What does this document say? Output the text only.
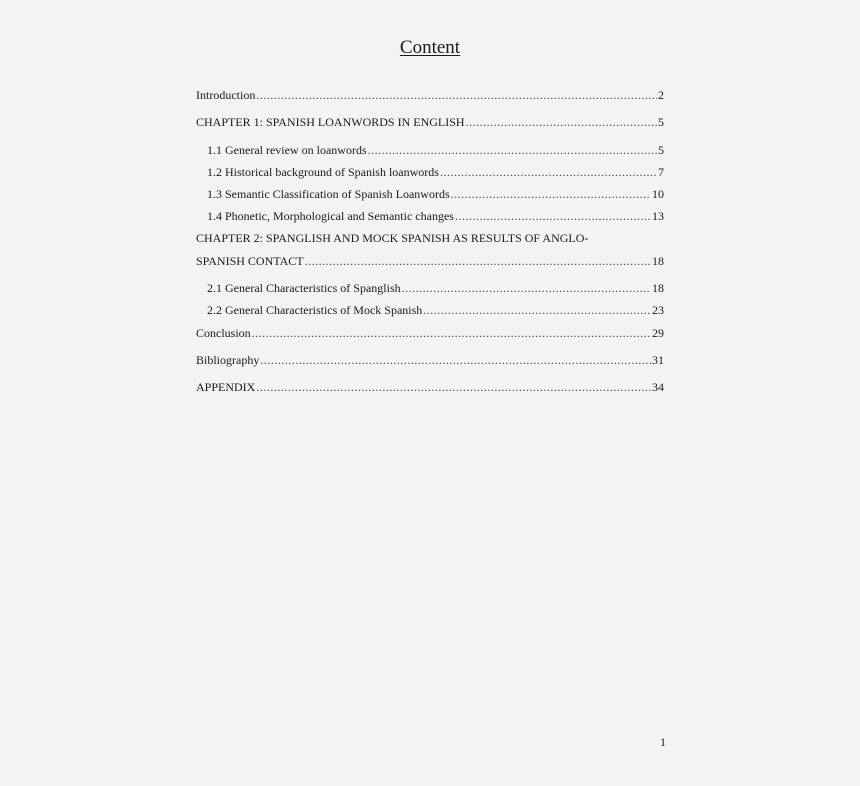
Content
Introduction .....	2
CHAPTER 1: SPANISH LOANWORDS IN ENGLISH .....	5
1.1 General review on loanwords .....	5
1.2 Historical background of Spanish loanwords .....	7
1.3 Semantic Classification of Spanish Loanwords .....	10
1.4 Phonetic, Morphological and Semantic changes .....	13
CHAPTER 2: SPANGLISH AND MOCK SPANISH AS RESULTS OF ANGLO-
SPANISH CONTACT .....	18
2.1 General Characteristics of Spanglish .....	18
2.2 General Characteristics of Mock Spanish .....	23
Conclusion .....	29
Bibliography .....	31
APPENDIX .....	34
1
